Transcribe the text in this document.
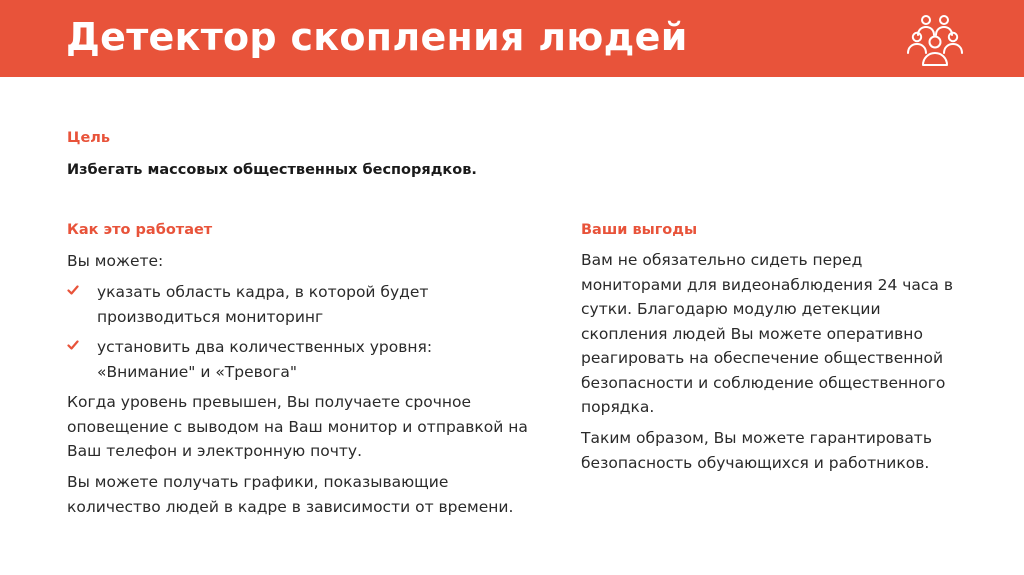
Детектор скопления людей
Цель
Избегать массовых общественных беспорядков.
Как это работает
Вы можете:
указать область кадра, в которой будет производиться мониторинг
установить два количественных уровня: «Внимание" и «Тревога"
Когда уровень превышен, Вы получаете срочное оповещение с выводом на Ваш монитор и отправкой на Ваш телефон и электронную почту.
Вы можете получать графики, показывающие количество людей в кадре в зависимости от времени.
Ваши выгоды
Вам не обязательно сидеть перед мониторами для видеонаблюдения 24 часа в сутки. Благодарю модулю детекции скопления людей Вы можете оперативно реагировать на обеспечение общественной безопасности и соблюдение общественного порядка.
Таким образом, Вы можете гарантировать безопасность обучающихся и работников.
